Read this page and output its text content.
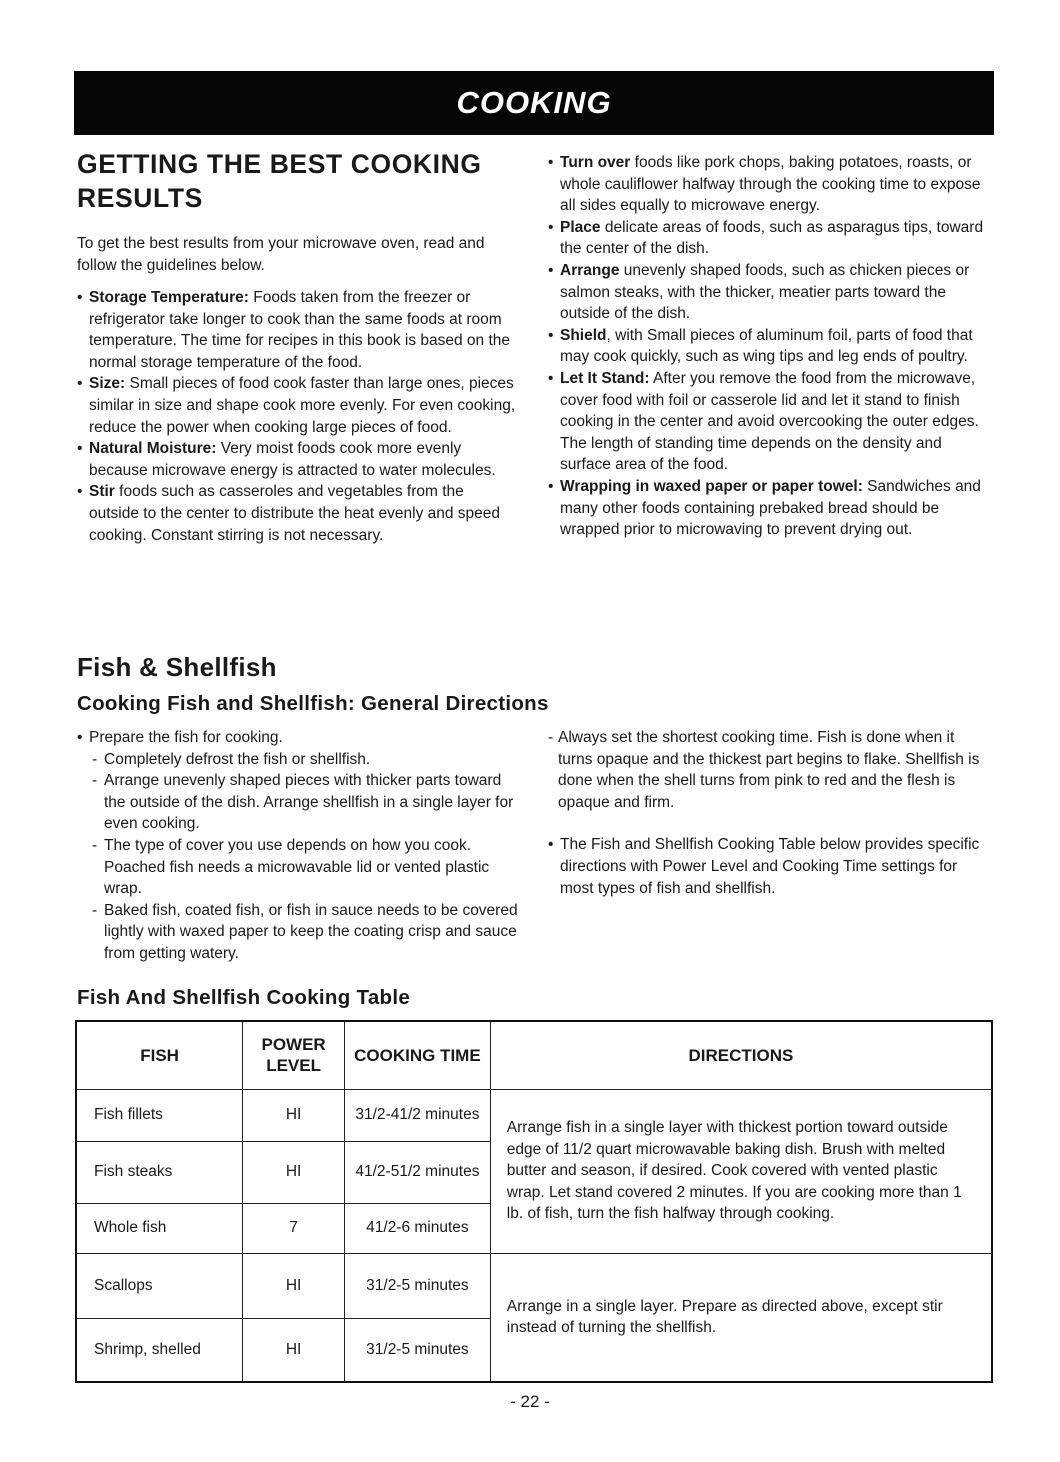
COOKING
GETTING THE BEST COOKING RESULTS

To get the best results from your microwave oven, read and follow the guidelines below.

• Storage Temperature: Foods taken from the freezer or refrigerator take longer to cook than the same foods at room temperature. The time for recipes in this book is based on the normal storage temperature of the food.
• Size: Small pieces of food cook faster than large ones, pieces similar in size and shape cook more evenly. For even cooking, reduce the power when cooking large pieces of food.
• Natural Moisture: Very moist foods cook more evenly because microwave energy is attracted to water molecules.
• Stir foods such as casseroles and vegetables from the outside to the center to distribute the heat evenly and speed cooking. Constant stirring is not necessary.
• Turn over foods like pork chops, baking potatoes, roasts, or whole cauliflower halfway through the cooking time to expose all sides equally to microwave energy.
• Place delicate areas of foods, such as asparagus tips, toward the center of the dish.
• Arrange unevenly shaped foods, such as chicken pieces or salmon steaks, with the thicker, meatier parts toward the outside of the dish.
• Shield, with Small pieces of aluminum foil, parts of food that may cook quickly, such as wing tips and leg ends of poultry.
• Let It Stand: After you remove the food from the microwave, cover food with foil or casserole lid and let it stand to finish cooking in the center and avoid overcooking the outer edges. The length of standing time depends on the density and surface area of the food.
• Wrapping in waxed paper or paper towel: Sandwiches and many other foods containing prebaked bread should be wrapped prior to microwaving to prevent drying out.
Fish & Shellfish
Cooking Fish and Shellfish: General Directions
• Prepare the fish for cooking.
- Completely defrost the fish or shellfish.
- Arrange unevenly shaped pieces with thicker parts toward the outside of the dish. Arrange shellfish in a single layer for even cooking.
- The type of cover you use depends on how you cook. Poached fish needs a microwavable lid or vented plastic wrap.
- Baked fish, coated fish, or fish in sauce needs to be covered lightly with waxed paper to keep the coating crisp and sauce from getting watery.
- Always set the shortest cooking time. Fish is done when it turns opaque and the thickest part begins to flake. Shellfish is done when the shell turns from pink to red and the flesh is opaque and firm.
• The Fish and Shellfish Cooking Table below provides specific directions with Power Level and Cooking Time settings for most types of fish and shellfish.
Fish And Shellfish Cooking Table
FISH	POWER LEVEL	COOKING TIME	DIRECTIONS
Fish fillets	HI	31/2-41/2 minutes	Arrange fish in a single layer with thickest portion toward outside edge of 11/2 quart microwavable baking dish. Brush with melted butter and season, if desired. Cook covered with vented plastic wrap. Let stand covered 2 minutes. If you are cooking more than 1 lb. of fish, turn the fish halfway through cooking.
Fish steaks	HI	41/2-51/2 minutes	
Whole fish	7	41/2-6 minutes	
Scallops	HI	31/2-5 minutes	Arrange in a single layer. Prepare as directed above, except stir instead of turning the shellfish.
Shrimp, shelled	HI	31/2-5 minutes	
- 22 -
